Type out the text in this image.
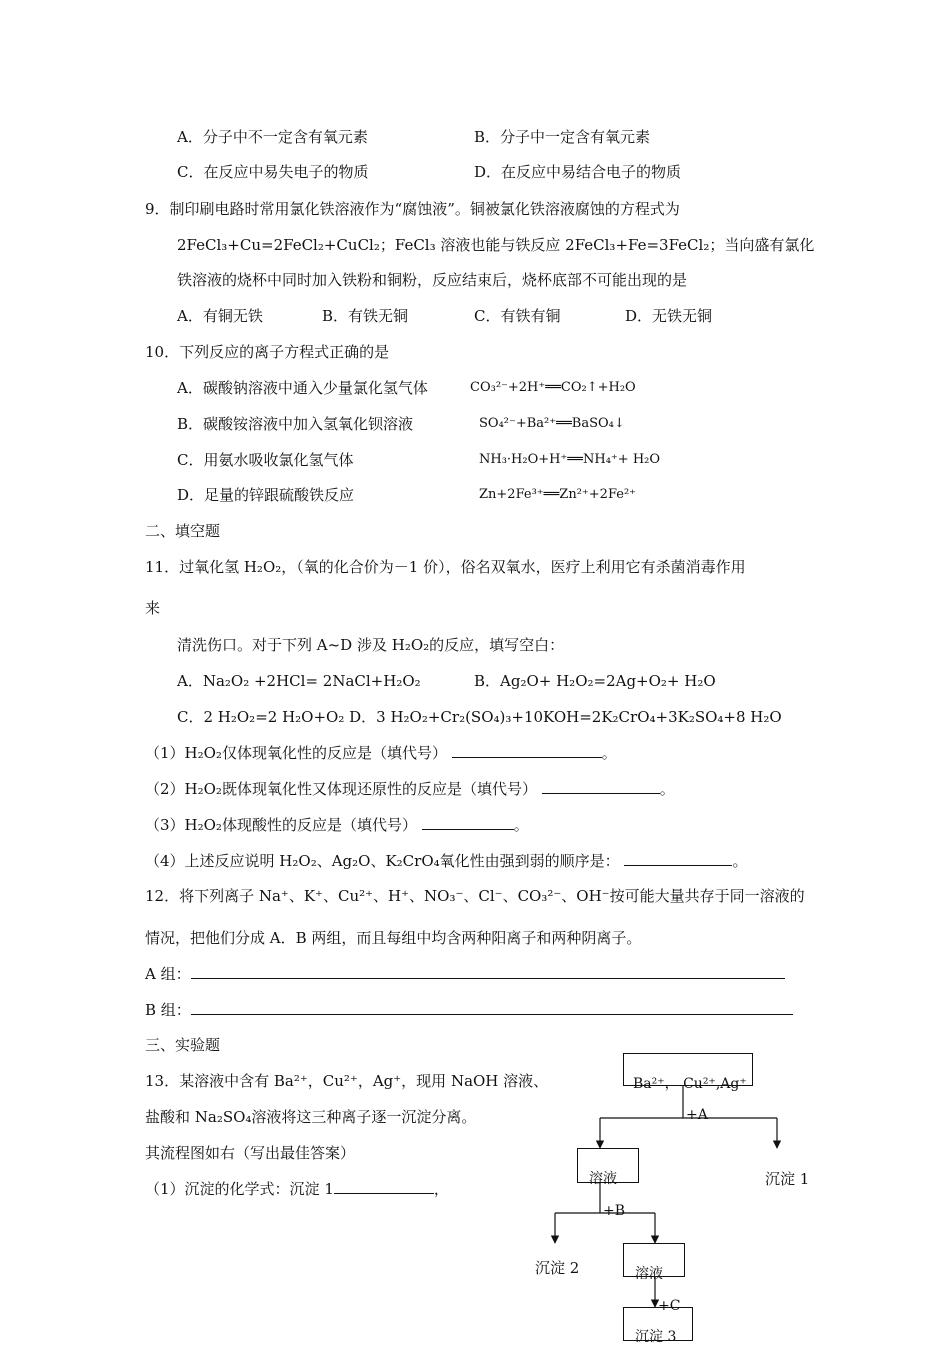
A．分子中不一定含有氧元素	B．分子中一定含有氧元素
C．在反应中易失电子的物质	D．在反应中易结合电子的物质
9．制印刷电路时常用氯化铁溶液作为“腐蚀液”。铜被氯化铁溶液腐蚀的方程式为
2FeCl₃+Cu=2FeCl₂+CuCl₂；FeCl₃ 溶液也能与铁反应 2FeCl₃+Fe=3FeCl₂；当向盛有氯化
铁溶液的烧杯中同时加入铁粉和铜粉，反应结束后，烧杯底部不可能出现的是
A．有铜无铁	B．有铁无铜	C．有铁有铜	D．无铁无铜
10．下列反应的离子方程式正确的是
A．碳酸钠溶液中通入少量氯化氢气体	CO₃²⁻+2H⁺══CO₂↑+H₂O
B．碳酸铵溶液中加入氢氧化钡溶液	SO₄²⁻+Ba²⁺══BaSO₄↓
C．用氨水吸收氯化氢气体	NH₃·H₂O+H⁺══NH₄⁺+ H₂O
D．足量的锌跟硫酸铁反应	Zn+2Fe³⁺══Zn²⁺+2Fe²⁺
二、填空题
11．过氧化氢 H₂O₂，（氧的化合价为－1 价），俗名双氧水，医疗上利用它有杀菌消毒作用
来
清洗伤口。对于下列 A~D 涉及 H₂O₂的反应，填写空白：
A．Na₂O₂ +2HCl= 2NaCl+H₂O₂	B．Ag₂O+ H₂O₂=2Ag+O₂+ H₂O
C．2 H₂O₂=2 H₂O+O₂ D．3 H₂O₂+Cr₂(SO₄)₃+10KOH=2K₂CrO₄+3K₂SO₄+8 H₂O
（1）H₂O₂仅体现氧化性的反应是（填代号）	。
（2）H₂O₂既体现氧化性又体现还原性的反应是（填代号）	。
（3）H₂O₂体现酸性的反应是（填代号）	。
（4）上述反应说明 H₂O₂、Ag₂O、K₂CrO₄氧化性由强到弱的顺序是：	。
12．将下列离子 Na⁺、K⁺、Cu²⁺、H⁺、NO₃⁻、Cl⁻、CO₃²⁻、OH⁻按可能大量共存于同一溶液的
情况，把他们分成 A．B 两组，而且每组中均含两种阳离子和两种阴离子。
A 组：
B 组：
三、实验题
13．某溶液中含有 Ba²⁺，Cu²⁺，Ag⁺，现用 NaOH 溶液、
盐酸和 Na₂SO₄溶液将这三种离子逐一沉淀分离。
其流程图如右（写出最佳答案）
（1）沉淀的化学式：沉淀 1	，
Ba²⁺， Cu²⁺,Ag⁺
+A
溶液	沉淀 1
+B
沉淀 2	溶液
+C
沉淀 3
